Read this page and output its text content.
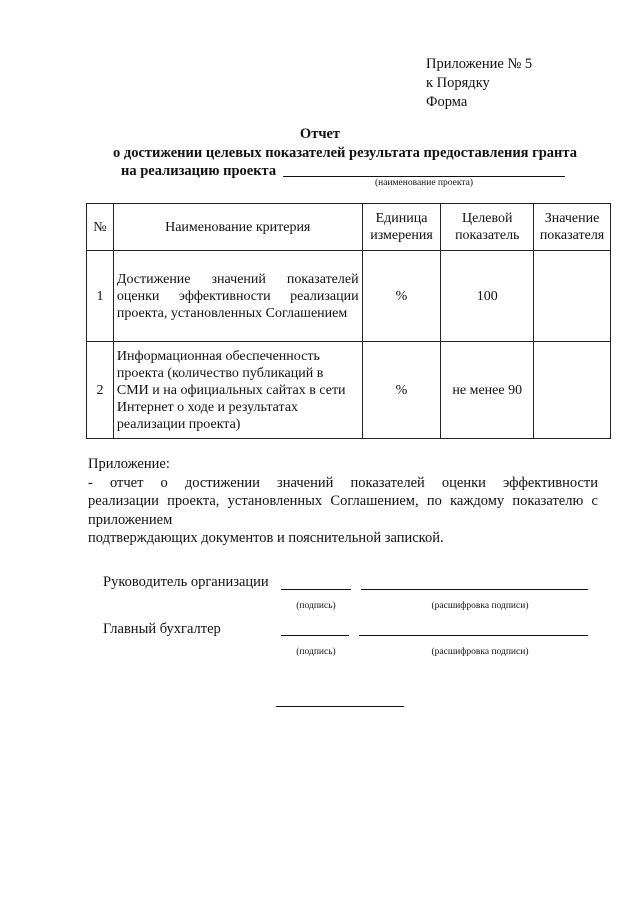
Приложение № 5
к Порядку
Форма
Отчет
о достижении целевых показателей результата предоставления гранта
на реализацию проекта
(наименование проекта)
№	Наименование критерия	Единица измерения	Целевой показатель	Значение показателя
1	Достижение значений показателей оценки эффективности реализации проекта, установленных Соглашением	%	100	
2	Информационная обеспеченность проекта (количество публикаций в СМИ и на официальных сайтах в сети Интернет о ходе и результатах реализации проекта)	%	не менее 90	
Приложение:
- отчет о достижении значений показателей оценки эффективности
реализации проекта, установленных Соглашением, по каждому показателю с
приложением
подтверждающих документов и пояснительной запиской.
Руководитель организации
(подпись)	(расшифровка подписи)
Главный бухгалтер
(подпись)	(расшифровка подписи)
